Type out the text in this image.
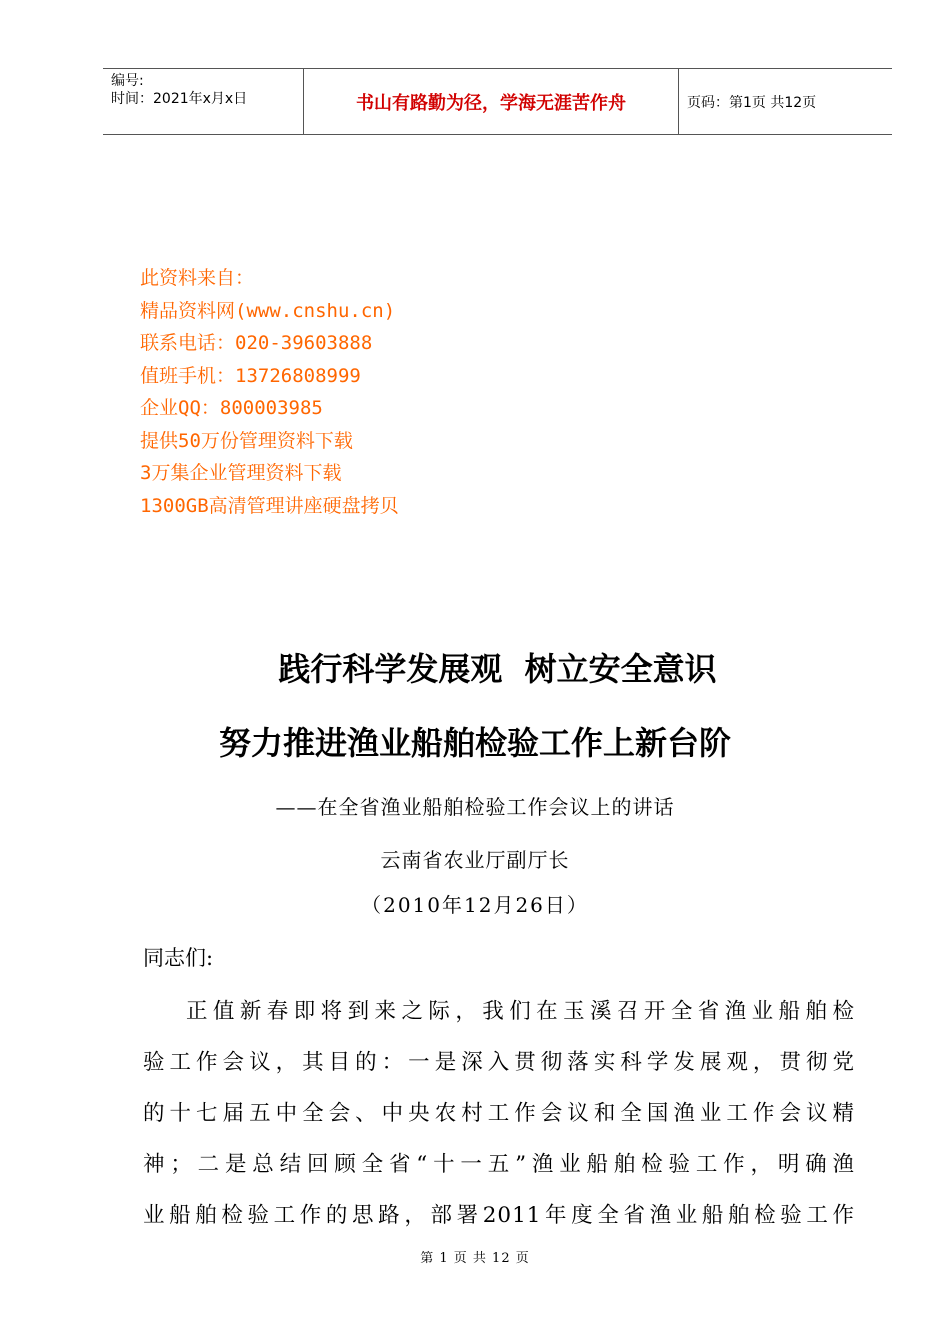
编号:
时间：2021年x月x日	书山有路勤为径，学海无涯苦作舟	页码：第1页 共12页
此资料来自：
精品资料网(www.cnshu.cn)
联系电话：020-39603888
值班手机：13726808999
企业QQ：800003985
提供50万份管理资料下载
3万集企业管理资料下载
1300GB高清管理讲座硬盘拷贝
践行科学发展观  树立安全意识
努力推进渔业船舶检验工作上新台阶
——在全省渔业船舶检验工作会议上的讲话
云南省农业厅副厅长
（2010年12月26日）
同志们:
正值新春即将到来之际，我们在玉溪召开全省渔业船舶检
验工作会议，其目的：一是深入贯彻落实科学发展观，贯彻党
的十七届五中全会、中央农村工作会议和全国渔业工作会议精
神；二是总结回顾全省“十一五”渔业船舶检验工作，明确渔
业船舶检验工作的思路，部署2011年度全省渔业船舶检验工作
第 1 页 共 12 页
